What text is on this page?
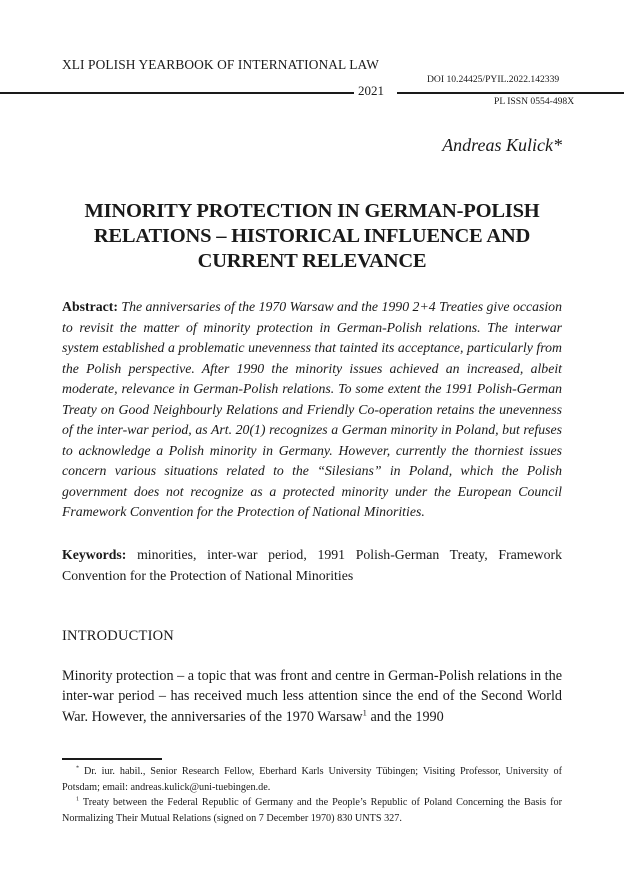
XLI POLISH YEARBOOK OF INTERNATIONAL LAW
DOI 10.24425/PYIL.2022.142339
2021
PL ISSN 0554-498X
Andreas Kulick*
MINORITY PROTECTION IN GERMAN-POLISH RELATIONS – HISTORICAL INFLUENCE AND CURRENT RELEVANCE
Abstract: The anniversaries of the 1970 Warsaw and the 1990 2+4 Treaties give occasion to revisit the matter of minority protection in German-Polish relations. The interwar system established a problematic unevenness that tainted its acceptance, particularly from the Polish perspective. After 1990 the minority issues achieved an increased, albeit moderate, relevance in German-Polish relations. To some extent the 1991 Polish-German Treaty on Good Neighbourly Relations and Friendly Co-operation retains the unevenness of the inter-war period, as Art. 20(1) recognizes a German minority in Poland, but refuses to acknowledge a Polish minority in Germany. However, currently the thorniest issues concern various situations related to the “Silesians” in Poland, which the Polish government does not recognize as a protected minority under the European Council Framework Convention for the Protection of National Minorities.
Keywords: minorities, inter-war period, 1991 Polish-German Treaty, Framework Convention for the Protection of National Minorities
INTRODUCTION
Minority protection – a topic that was front and centre in German-Polish relations in the inter-war period – has received much less attention since the end of the Second World War. However, the anniversaries of the 1970 Warsaw$^1$ and the 1990

* Dr. iur. habil., Senior Research Fellow, Eberhard Karls University Tübingen; Visiting Professor, University of Potsdam; email: andreas.kulick@uni-tuebingen.de.

$^1$ Treaty between the Federal Republic of Germany and the People’s Republic of Poland Concerning the Basis for Normalizing Their Mutual Relations (signed on 7 December 1970) 830 UNTS 327.
